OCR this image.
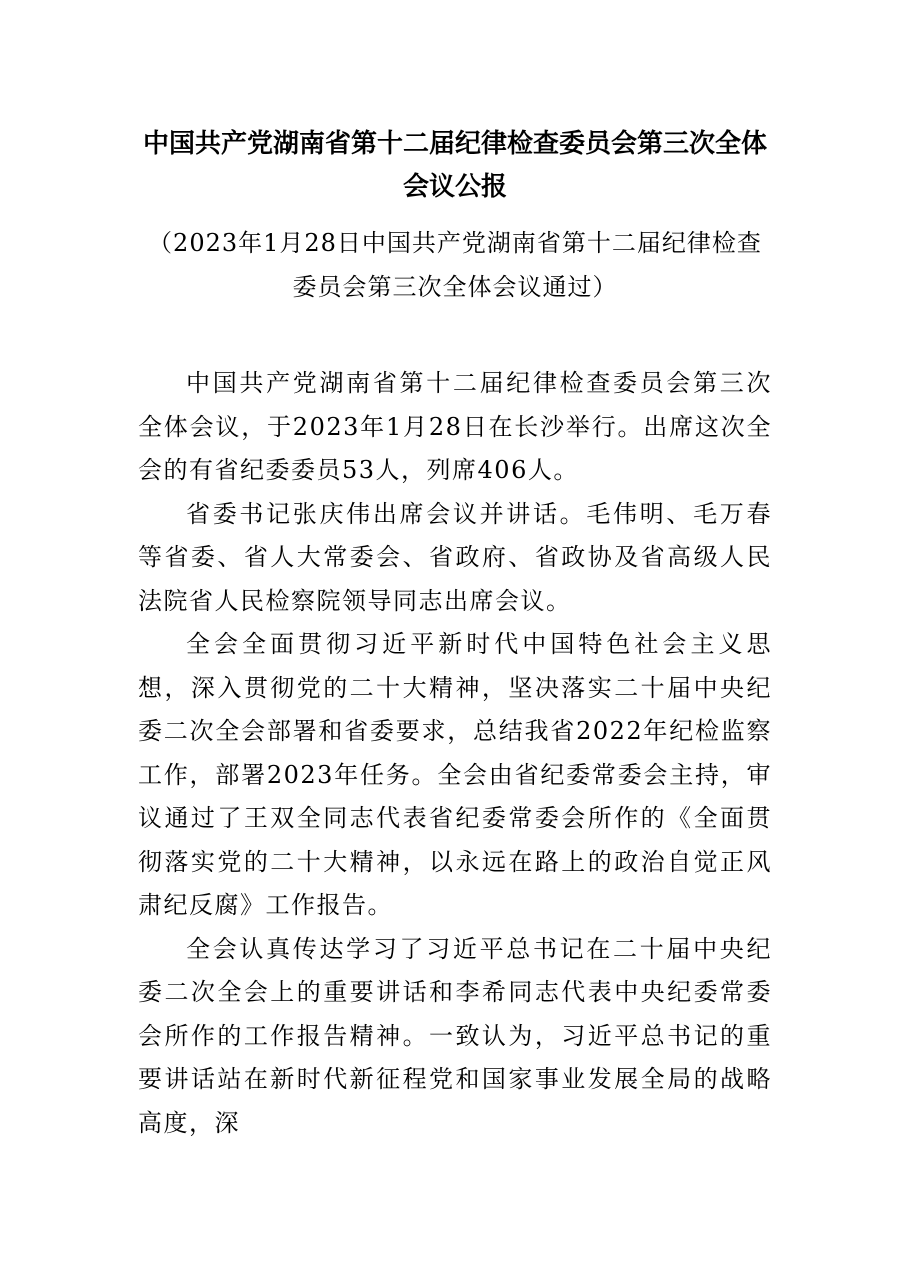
中国共产党湖南省第十二届纪律检查委员会第三次全体会议公报
（2023年1月28日中国共产党湖南省第十二届纪律检查委员会第三次全体会议通过）

中国共产党湖南省第十二届纪律检查委员会第三次全体会议，于2023年1月28日在长沙举行。出席这次全会的有省纪委委员53人，列席406人。

省委书记张庆伟出席会议并讲话。毛伟明、毛万春等省委、省人大常委会、省政府、省政协及省高级人民法院省人民检察院领导同志出席会议。

全会全面贯彻习近平新时代中国特色社会主义思想，深入贯彻党的二十大精神，坚决落实二十届中央纪委二次全会部署和省委要求，总结我省2022年纪检监察工作，部署2023年任务。全会由省纪委常委会主持，审议通过了王双全同志代表省纪委常委会所作的《全面贯彻落实党的二十大精神，以永远在路上的政治自觉正风肃纪反腐》工作报告。

全会认真传达学习了习近平总书记在二十届中央纪委二次全会上的重要讲话和李希同志代表中央纪委常委会所作的工作报告精神。一致认为，习近平总书记的重要讲话站在新时代新征程党和国家事业发展全局的战略高度，深
